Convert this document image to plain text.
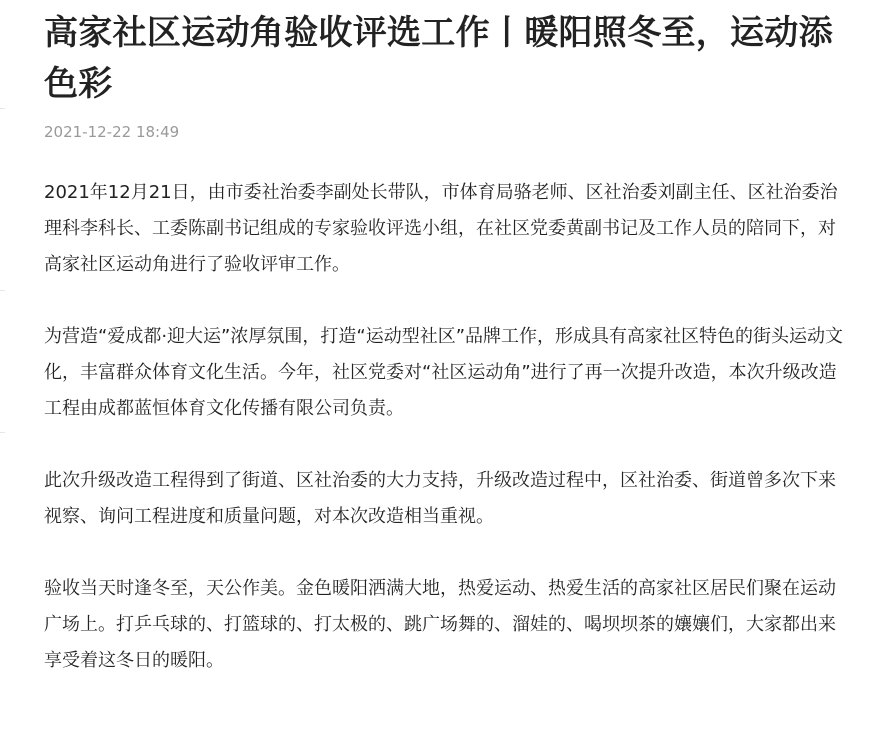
高家社区运动角验收评选工作丨暖阳照冬至，运动添色彩
2021-12-22 18:49

2021年12月21日，由市委社治委李副处长带队，市体育局骆老师、区社治委刘副主任、区社治委治理科李科长、工委陈副书记组成的专家验收评选小组，在社区党委黄副书记及工作人员的陪同下，对高家社区运动角进行了验收评审工作。

为营造“爱成都·迎大运”浓厚氛围，打造“运动型社区”品牌工作，形成具有高家社区特色的街头运动文化，丰富群众体育文化生活。今年，社区党委对“社区运动角”进行了再一次提升改造，本次升级改造工程由成都蓝恒体育文化传播有限公司负责。

此次升级改造工程得到了街道、区社治委的大力支持，升级改造过程中，区社治委、街道曾多次下来视察、询问工程进度和质量问题，对本次改造相当重视。

验收当天时逢冬至，天公作美。金色暖阳洒满大地，热爱运动、热爱生活的高家社区居民们聚在运动广场上。打乒乓球的、打篮球的、打太极的、跳广场舞的、溜娃的、喝坝坝茶的孃孃们，大家都出来享受着这冬日的暖阳。
